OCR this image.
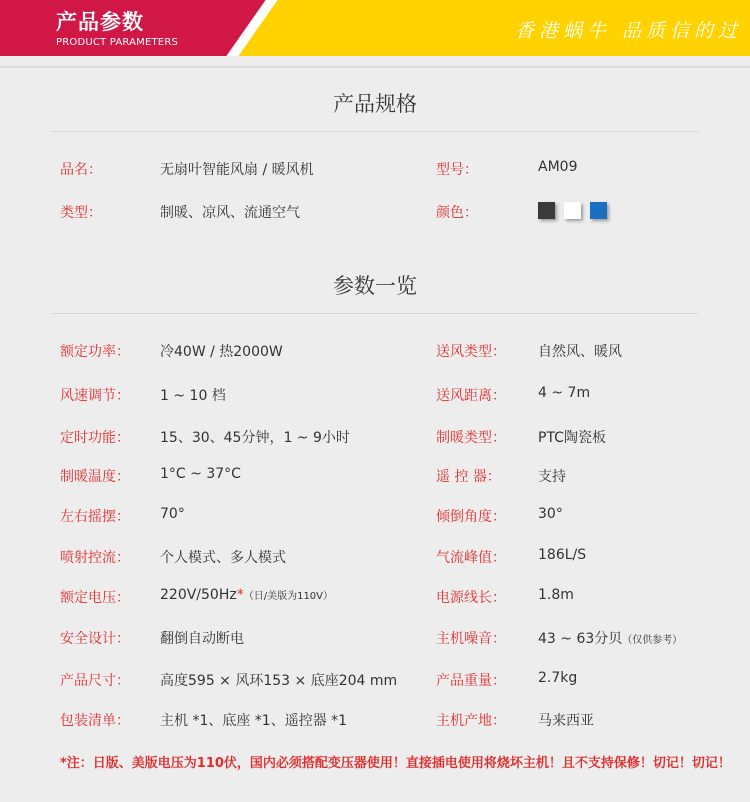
产品参数
PRODUCT PARAMETERS
香港蜗牛 品质信的过
产品规格
品名：	无扇叶智能风扇 / 暖风机	型号：	AM09
类型：	制暖、凉风、流通空气	颜色：
参数一览
额定功率： 冷40W / 热2000W	送风类型： 自然风、暖风
风速调节： 1 ~ 10 档	送风距离： 4 ~ 7m
定时功能： 15、30、45分钟，1 ~ 9小时	制暖类型： PTC陶瓷板
制暖温度： 1°C ~ 37°C	遥 控 器：	支持
左右摇摆： 70°	倾倒角度： 30°
喷射控流： 个人模式、多人模式	气流峰值： 186L/S
额定电压： 220V/50Hz*（日/美版为110V）	电源线长： 1.8m
安全设计： 翻倒自动断电	主机噪音： 43 ~ 63分贝（仅供参考）
产品尺寸： 高度595 × 风环153 × 底座204 mm	产品重量： 2.7kg
包装清单： 主机 *1、底座 *1、遥控器 *1	主机产地： 马来西亚
*注：日版、美版电压为110伏，国内必须搭配变压器使用！直接插电使用将烧坏主机！且不支持保修！切记！切记！
